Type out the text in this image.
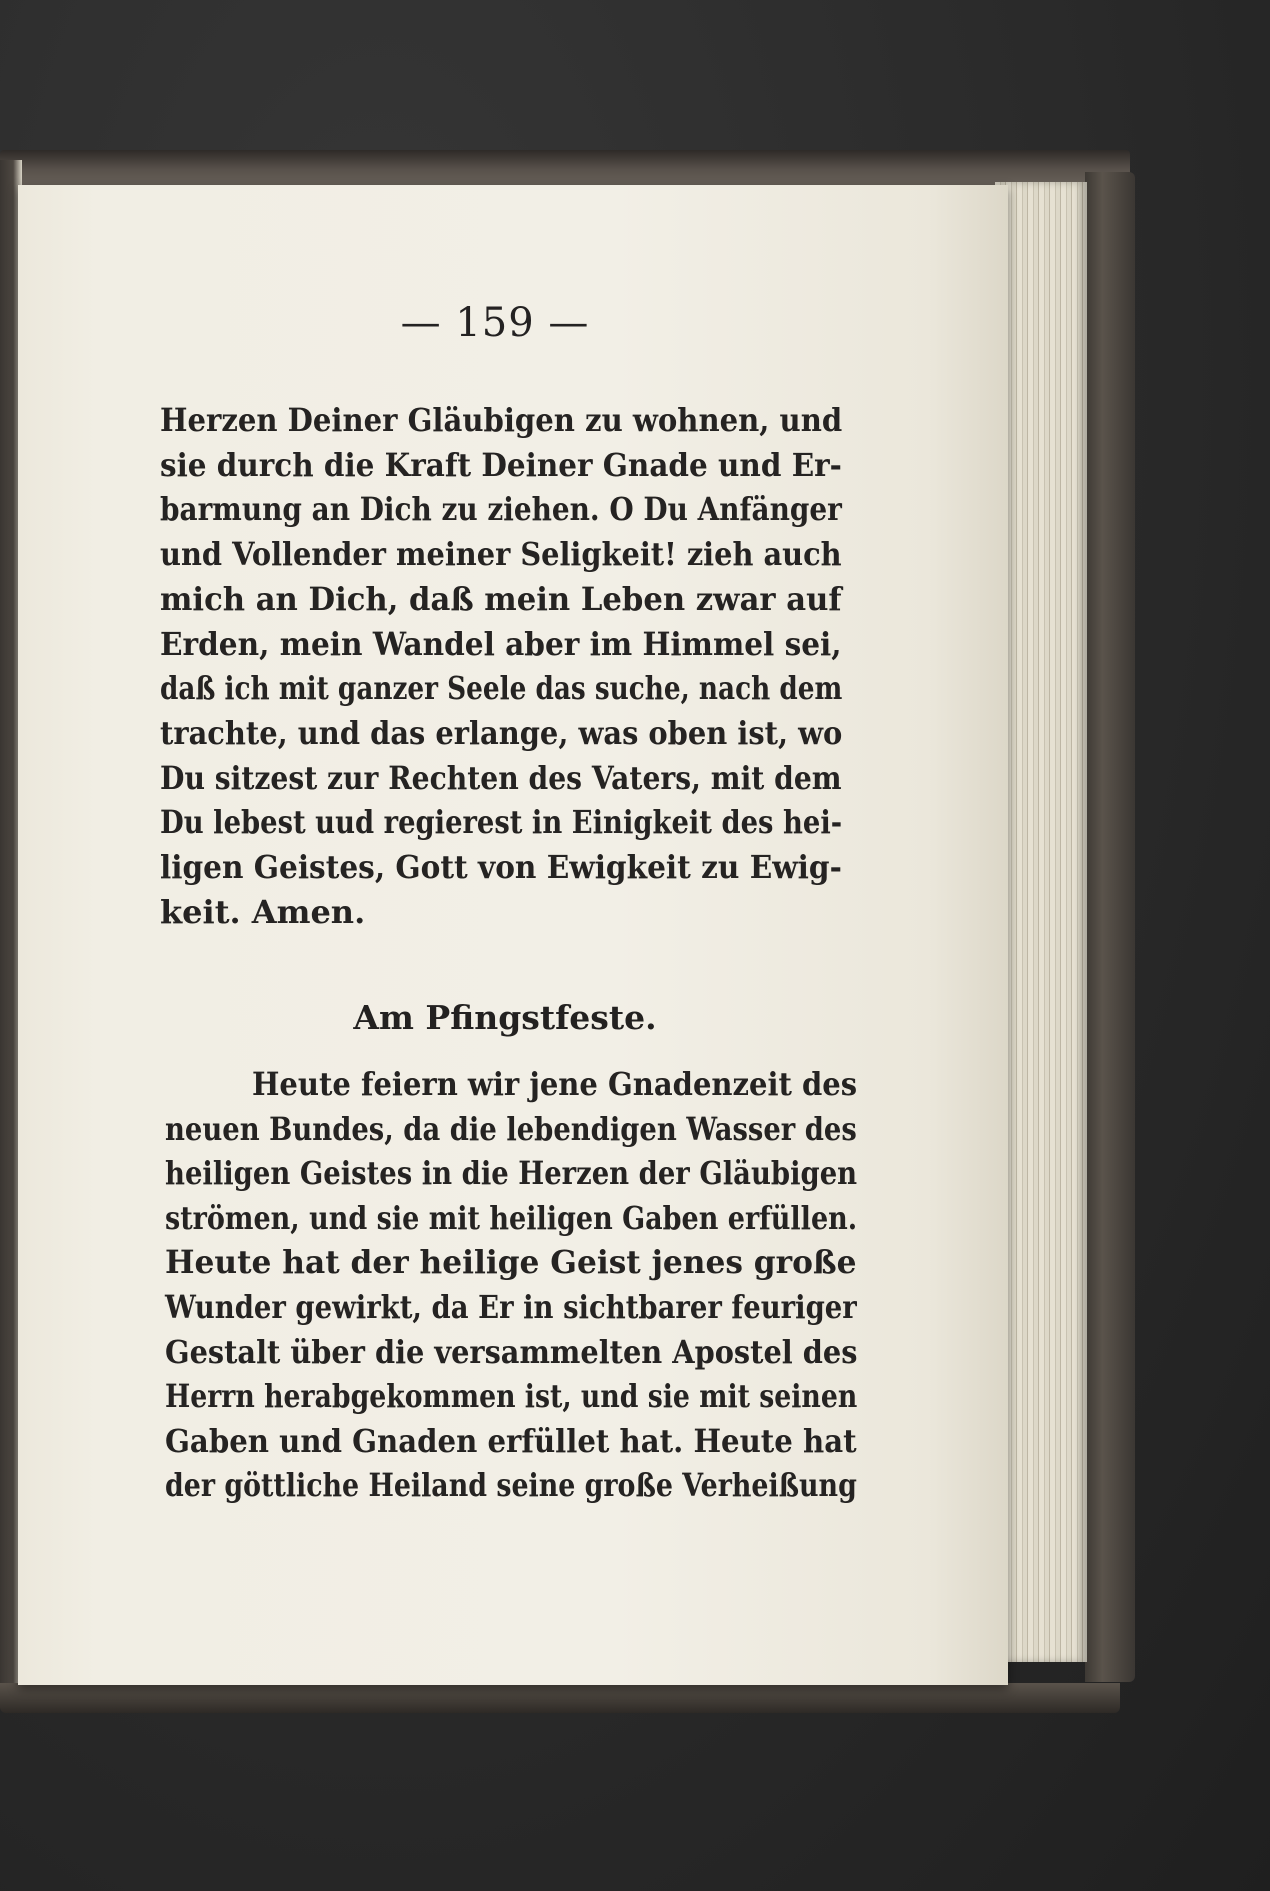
— 159 —
Herzen Deiner Gläubigen zu wohnen, und
sie durch die Kraft Deiner Gnade und Er-
barmung an Dich zu ziehen. O Du Anfänger
und Vollender meiner Seligkeit! zieh auch
mich an Dich, daß mein Leben zwar auf
Erden, mein Wandel aber im Himmel sei,
daß ich mit ganzer Seele das suche, nach dem
trachte, und das erlange, was oben ist, wo
Du sitzest zur Rechten des Vaters, mit dem
Du lebest uud regierest in Einigkeit des hei-
ligen Geistes, Gott von Ewigkeit zu Ewig-
keit. Amen.
Am Pfingstfeste.
Heute feiern wir jene Gnadenzeit des
neuen Bundes, da die lebendigen Wasser des
heiligen Geistes in die Herzen der Gläubigen
strömen, und sie mit heiligen Gaben erfüllen.
Heute hat der heilige Geist jenes große
Wunder gewirkt, da Er in sichtbarer feuriger
Gestalt über die versammelten Apostel des
Herrn herabgekommen ist, und sie mit seinen
Gaben und Gnaden erfüllet hat. Heute hat
der göttliche Heiland seine große Verheißung
